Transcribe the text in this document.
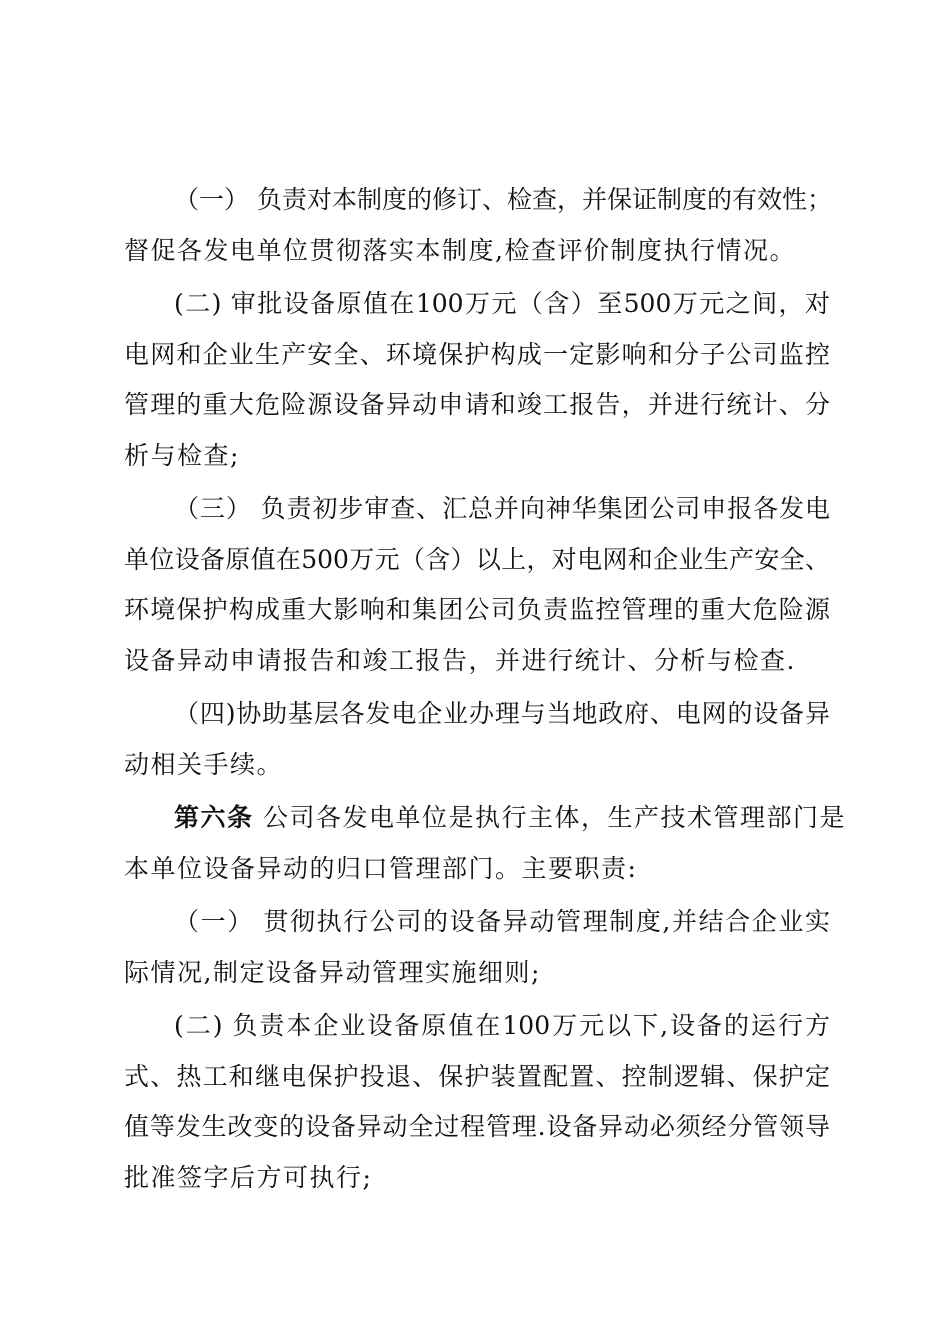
（一） 负责对本制度的修订、检查，并保证制度的有效性；
督促各发电单位贯彻落实本制度,检查评价制度执行情况。
(二) 审批设备原值在100万元（含）至500万元之间，对
电网和企业生产安全、环境保护构成一定影响和分子公司监控
管理的重大危险源设备异动申请和竣工报告，并进行统计、分
析与检查;
（三） 负责初步审查、汇总并向神华集团公司申报各发电
单位设备原值在500万元（含）以上，对电网和企业生产安全、
环境保护构成重大影响和集团公司负责监控管理的重大危险源
设备异动申请报告和竣工报告，并进行统计、分析与检查.
（四)协助基层各发电企业办理与当地政府、电网的设备异
动相关手续。
第六条 公司各发电单位是执行主体，生产技术管理部门是
本单位设备异动的归口管理部门。主要职责:
（一） 贯彻执行公司的设备异动管理制度,并结合企业实
际情况,制定设备异动管理实施细则;
(二) 负责本企业设备原值在100万元以下,设备的运行方
式、热工和继电保护投退、保护装置配置、控制逻辑、保护定
值等发生改变的设备异动全过程管理.设备异动必须经分管领导
批准签字后方可执行;
